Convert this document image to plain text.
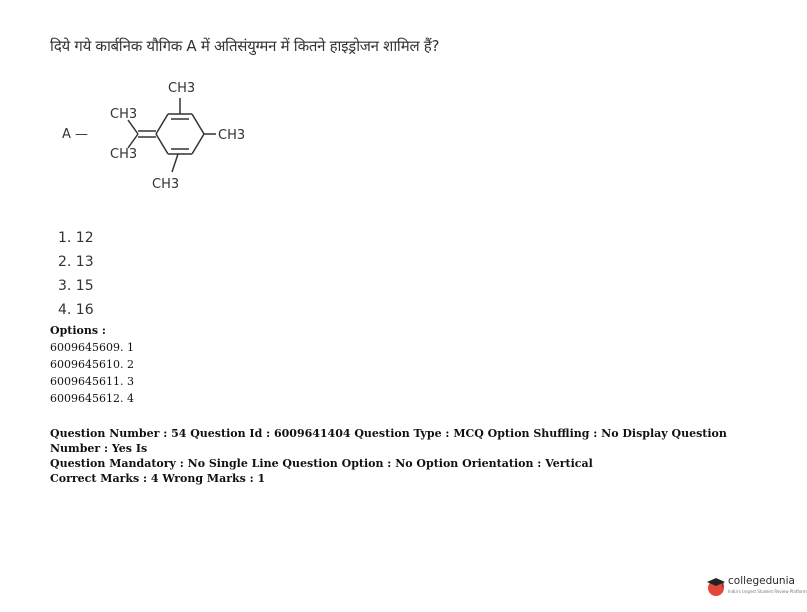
दिये गये कार्बनिक यौगिक A में अतिसंयुग्मन में कितने हाइड्रोजन शामिल हैं?
A —
CH3
CH3
CH3
CH3
CH3
1. 12
2. 13
3. 15
4. 16
Options :
6009645609. 1
6009645610. 2
6009645611. 3
6009645612. 4
Question Number : 54 Question Id : 6009641404 Question Type : MCQ Option Shuffling : No Display Question Number : Yes Is
Question Mandatory : No Single Line Question Option : No Option Orientation : Vertical
Correct Marks : 4 Wrong Marks : 1
collegedunia
India's largest Student Review Platform
